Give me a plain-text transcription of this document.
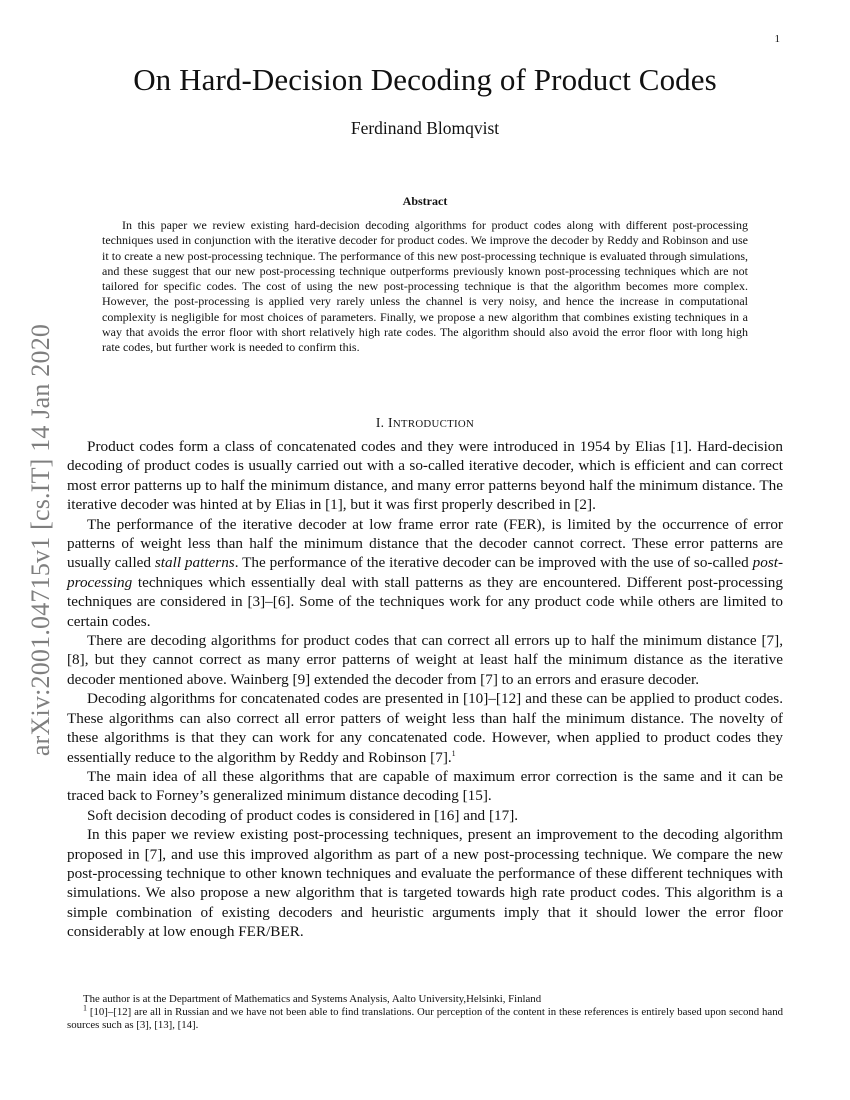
1
arXiv:2001.04715v1 [cs.IT] 14 Jan 2020
On Hard-Decision Decoding of Product Codes
Ferdinand Blomqvist
Abstract

In this paper we review existing hard-decision decoding algorithms for product codes along with different post-processing techniques used in conjunction with the iterative decoder for product codes. We improve the decoder by Reddy and Robinson and use it to create a new post-processing technique. The performance of this new post-processing technique is evaluated through simulations, and these suggest that our new post-processing technique outperforms previously known post-processing techniques which are not tailored for specific codes. The cost of using the new post-processing technique is that the algorithm becomes more complex. However, the post-processing is applied very rarely unless the channel is very noisy, and hence the increase in computational complexity is negligible for most choices of parameters. Finally, we propose a new algorithm that combines existing techniques in a way that avoids the error floor with short relatively high rate codes. The algorithm should also avoid the error floor with long high rate codes, but further work is needed to confirm this.

I. INTRODUCTION

Product codes form a class of concatenated codes and they were introduced in 1954 by Elias [1]. Hard-decision decoding of product codes is usually carried out with a so-called iterative decoder, which is efficient and can correct most error patterns up to half the minimum distance, and many error patterns beyond half the minimum distance. The iterative decoder was hinted at by Elias in [1], but it was first properly described in [2].

The performance of the iterative decoder at low frame error rate (FER), is limited by the occurrence of error patterns of weight less than half the minimum distance that the decoder cannot correct. These error patterns are usually called stall patterns. The performance of the iterative decoder can be improved with the use of so-called post-processing techniques which essentially deal with stall patterns as they are encountered. Different post-processing techniques are considered in [3]–[6]. Some of the techniques work for any product code while others are limited to certain codes.

There are decoding algorithms for product codes that can correct all errors up to half the minimum distance [7], [8], but they cannot correct as many error patterns of weight at least half the minimum distance as the iterative decoder mentioned above. Wainberg [9] extended the decoder from [7] to an errors and erasure decoder.

Decoding algorithms for concatenated codes are presented in [10]–[12] and these can be applied to product codes. These algorithms can also correct all error patters of weight less than half the minimum distance. The novelty of these algorithms is that they can work for any concatenated code. However, when applied to product codes they essentially reduce to the algorithm by Reddy and Robinson [7].$^1$

The main idea of all these algorithms that are capable of maximum error correction is the same and it can be traced back to Forney’s generalized minimum distance decoding [15].

Soft decision decoding of product codes is considered in [16] and [17].

In this paper we review existing post-processing techniques, present an improvement to the decoding algorithm proposed in [7], and use this improved algorithm as part of a new post-processing technique. We compare the new post-processing technique to other known techniques and evaluate the performance of these different techniques with simulations. We also propose a new algorithm that is targeted towards high rate product codes. This algorithm is a simple combination of existing decoders and heuristic arguments imply that it should lower the error floor considerably at low enough FER/BER.

The author is at the Department of Mathematics and Systems Analysis, Aalto University,Helsinki, Finland

$^1$ [10]–[12] are all in Russian and we have not been able to find translations. Our perception of the content in these references is entirely based upon second hand sources such as [3], [13], [14].
